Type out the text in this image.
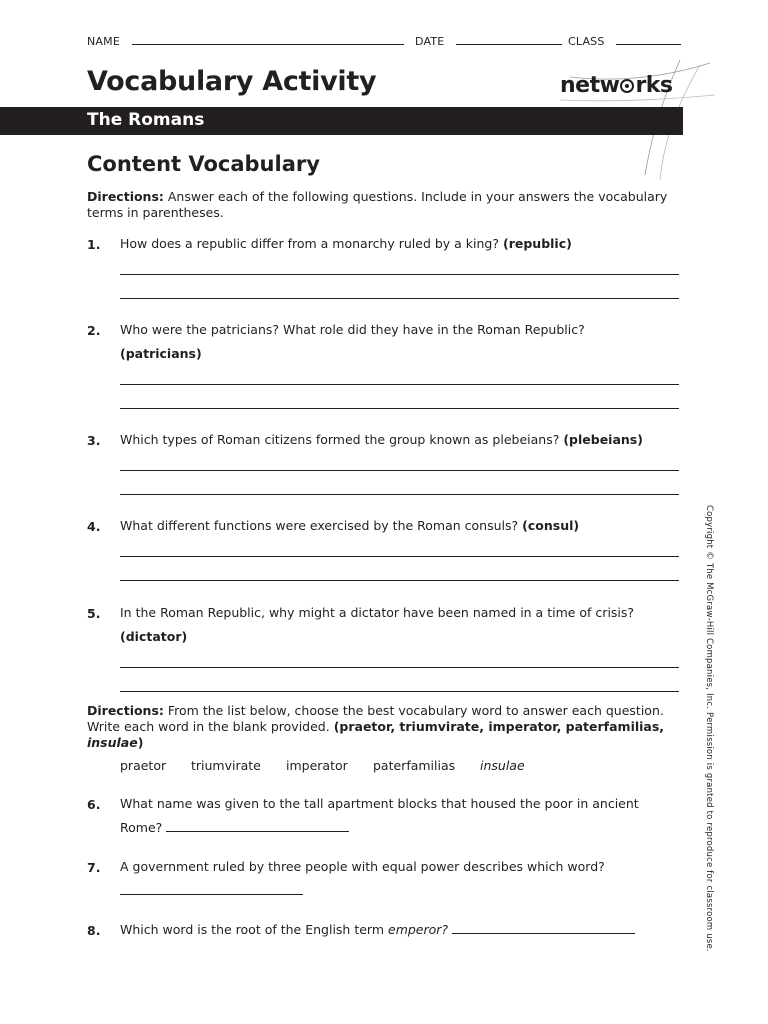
NAME	DATE	CLASS
Vocabulary Activity	netw rks
The Romans
Content Vocabulary
Directions: Answer each of the following questions. Include in your answers the vocabulary terms in parentheses.
1. How does a republic differ from a monarchy ruled by a king? (republic)
2. Who were the patricians? What role did they have in the Roman Republic?
(patricians)
3. Which types of Roman citizens formed the group known as plebeians? (plebeians)
4. What different functions were exercised by the Roman consuls? (consul)
5. In the Roman Republic, why might a dictator have been named in a time of crisis?
(dictator)
Directions: From the list below, choose the best vocabulary word to answer each question. Write each word in the blank provided. (praetor, triumvirate, imperator, paterfamilias, insulae)
praetor triumvirate imperator paterfamilias insulae
6. What name was given to the tall apartment blocks that housed the poor in ancient Rome?
7. A government ruled by three people with equal power describes which word?

8. Which word is the root of the English term emperor?	Copyright © The McGraw-Hill Companies, Inc. Permission is granted to reproduce for classroom use.
